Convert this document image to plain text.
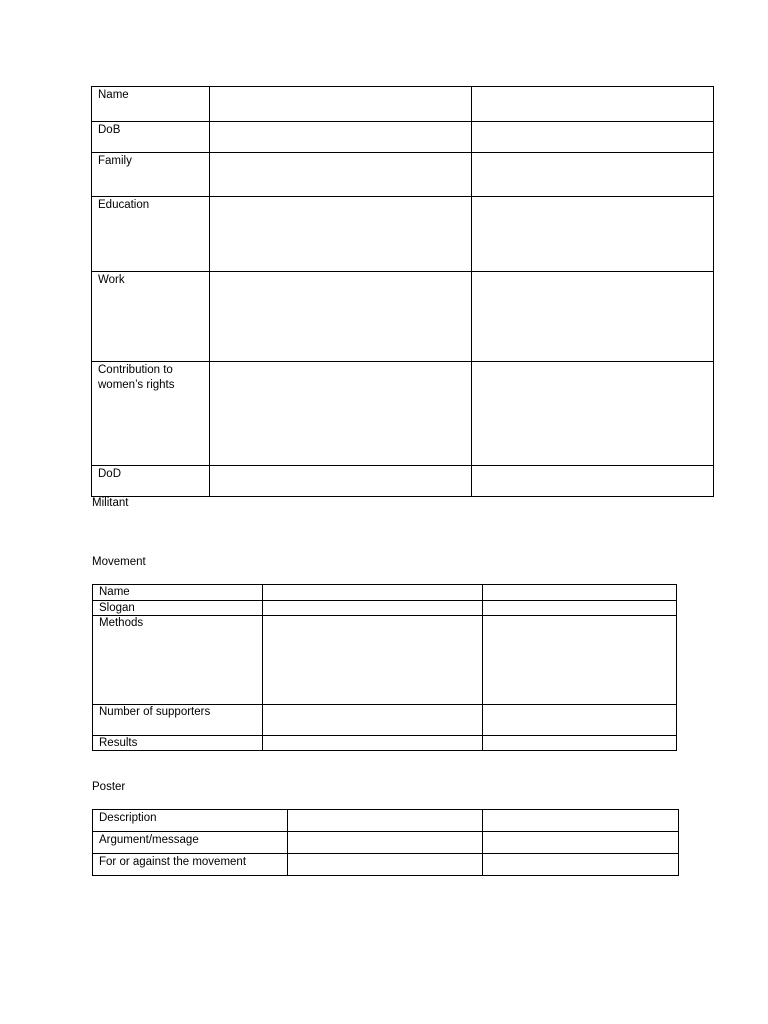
Name		
DoB		
Family		
Education		
Work		
Contribution to women’s rights		
DoD		
Militant
Movement
Name		
Slogan		
Methods		
Number of supporters		
Results		
Poster
Description		
Argument/message		
For or against the movement		
